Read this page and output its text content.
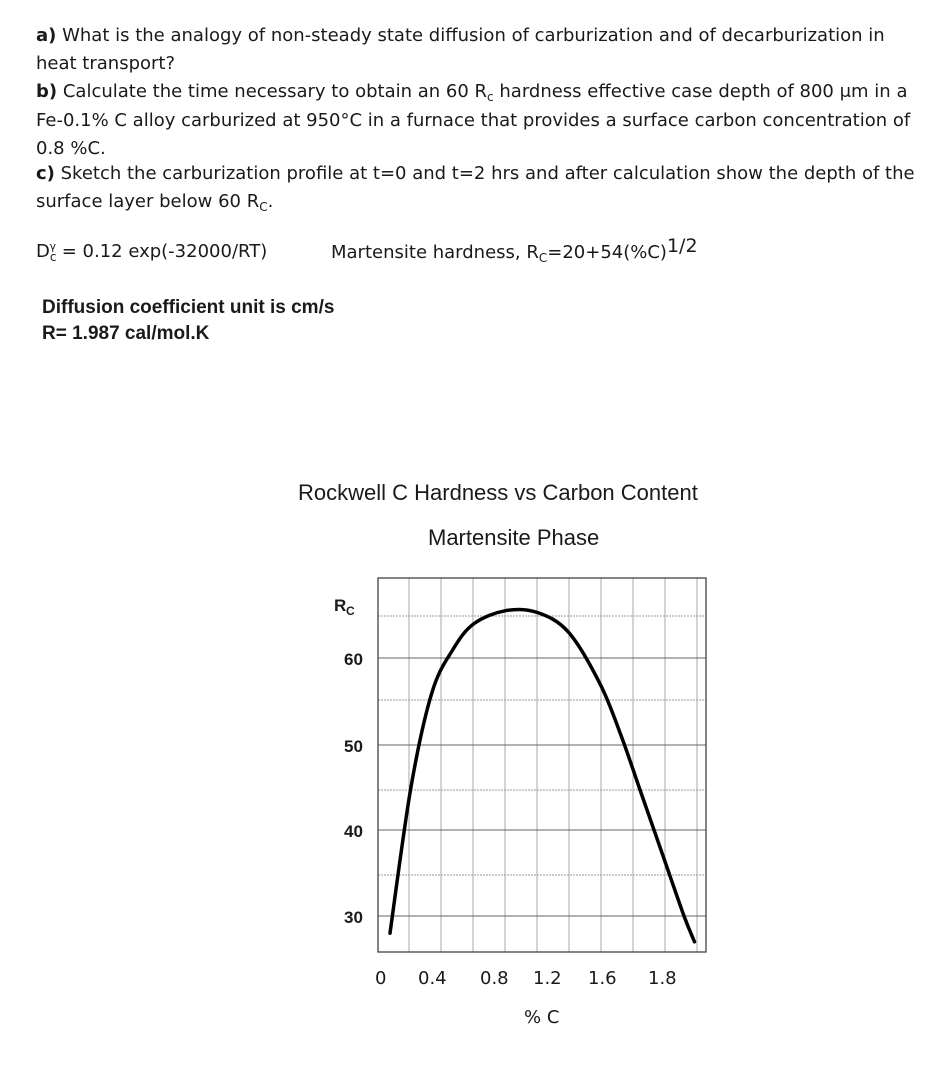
a) What is the analogy of non-steady state diffusion of carburization and of decarburization in heat transport?

b) Calculate the time necessary to obtain an 60 $R_c$ hardness effective case depth of 800 μm in a Fe-0.1% C alloy carburized at 950°C in a furnace that provides a surface carbon concentration of 0.8 %C.

c) Sketch the carburization profile at t=0 and t=2 hrs and after calculation show the depth of the surface layer below 60 $R_C$.

$D_c^\gamma = 0.12$ exp(-32000/RT)	Martensite hardness, $R_C=20+54(\%C)1/2$
Diffusion coefficient unit is cm/s
R= 1.987 cal/mol.K
Rockwell C Hardness vs Carbon Content
Martensite Phase
R C
60
50
40
30
0 0.4 0.8 1.2 1.6 1.8
% C
